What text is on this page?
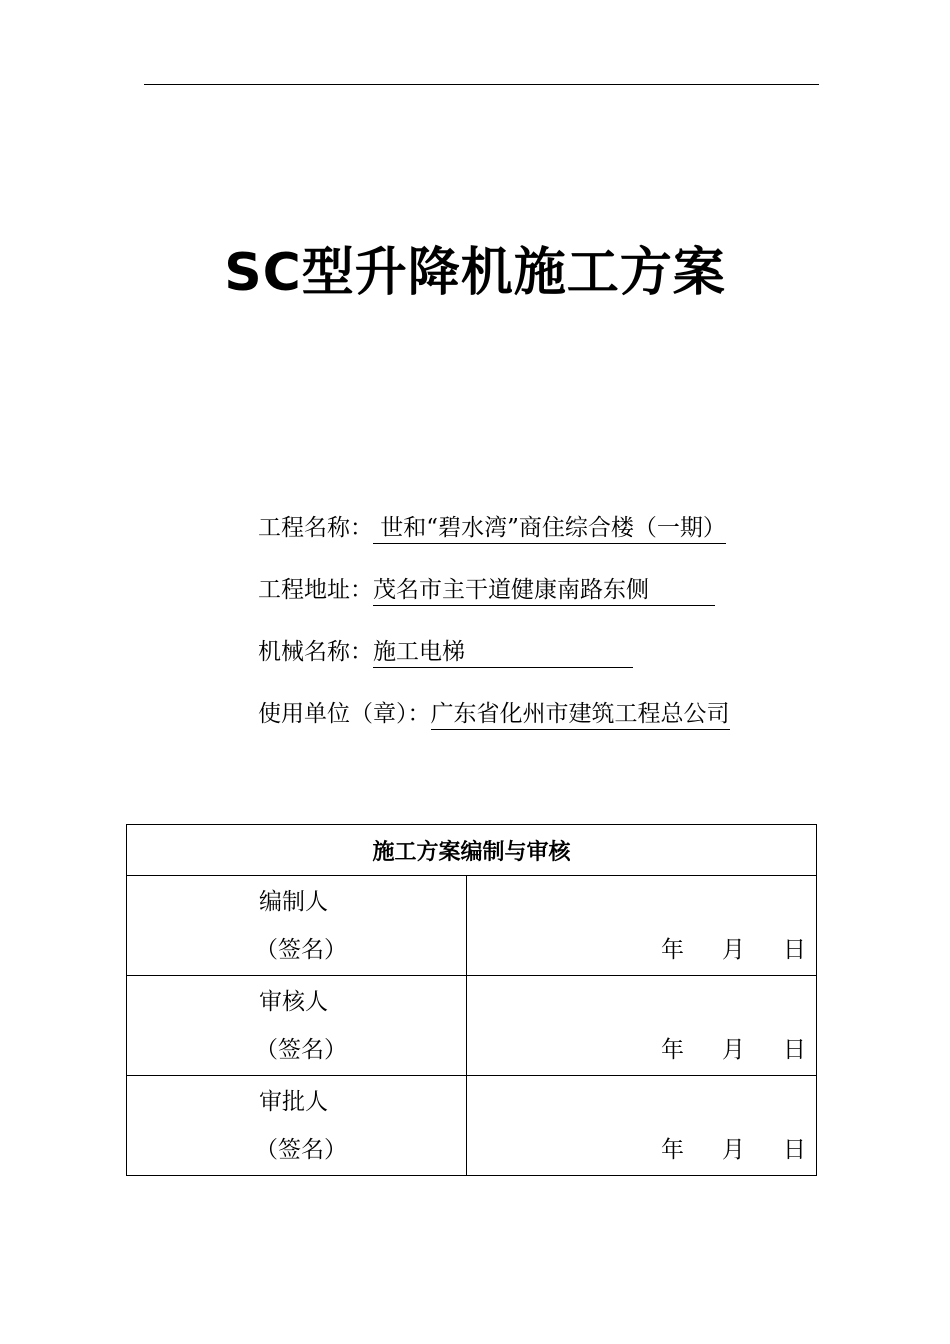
SC型升降机施工方案
工程名称： 世和“碧水湾”商住综合楼（一期）
工程地址：茂名市主干道健康南路东侧
机械名称：施工电梯
使用单位（章）：广东省化州市建筑工程总公司
施工方案编制与审核	

编制人
（签名）	年 月 日

审核人
（签名）	年 月 日

审批人
（签名）	年 月 日
